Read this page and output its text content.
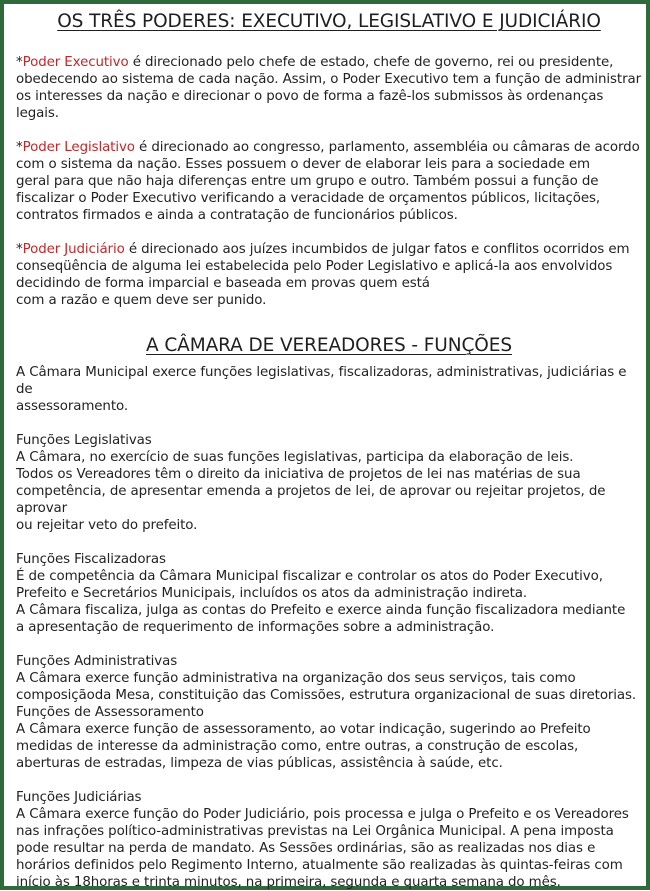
OS TRÊS PODERES: EXECUTIVO, LEGISLATIVO E JUDICIÁRIO

*Poder Executivo é direcionado pelo chefe de estado, chefe de governo, rei ou presidente,

obedecendo ao sistema de cada nação. Assim, o Poder Executivo tem a função de administrar

os interesses da nação e direcionar o povo de forma a fazê-los submissos às ordenanças legais.

*Poder Legislativo é direcionado ao congresso, parlamento, assembléia ou câmaras de acordo

com o sistema da nação. Esses possuem o dever de elaborar leis para a sociedade em

geral para que não haja diferenças entre um grupo e outro. Também possui a função de

fiscalizar o Poder Executivo verificando a veracidade de orçamentos públicos, licitações,

contratos firmados e ainda a contratação de funcionários públicos.

*Poder Judiciário é direcionado aos juízes incumbidos de julgar fatos e conflitos ocorridos em

conseqüência de alguma lei estabelecida pelo Poder Legislativo e aplicá-la aos envolvidos

decidindo de forma imparcial e baseada em provas quem está

com a razão e quem deve ser punido.

A CÂMARA DE VEREADORES - FUNÇÕES

A Câmara Municipal exerce funções legislativas, fiscalizadoras, administrativas, judiciárias e de

assessoramento.

Funções Legislativas

A Câmara, no exercício de suas funções legislativas, participa da elaboração de leis.

Todos os Vereadores têm o direito da iniciativa de projetos de lei nas matérias de sua

competência, de apresentar emenda a projetos de lei, de aprovar ou rejeitar projetos, de

aprovar

ou rejeitar veto do prefeito.

Funções Fiscalizadoras

É de competência da Câmara Municipal fiscalizar e controlar os atos do Poder Executivo,

Prefeito e Secretários Municipais, incluídos os atos da administração indireta.

A Câmara fiscaliza, julga as contas do Prefeito e exerce ainda função fiscalizadora mediante

a apresentação de requerimento de informações sobre a administração.

Funções Administrativas

A Câmara exerce função administrativa na organização dos seus serviços, tais como

composiçãoda Mesa, constituição das Comissões, estrutura organizacional de suas diretorias.

Funções de Assessoramento

A Câmara exerce função de assessoramento, ao votar indicação, sugerindo ao Prefeito

medidas de interesse da administração como, entre outras, a construção de escolas,

aberturas de estradas, limpeza de vias públicas, assistência à saúde, etc.

Funções Judiciárias

A Câmara exerce função do Poder Judiciário, pois processa e julga o Prefeito e os Vereadores

nas infrações político-administrativas previstas na Lei Orgânica Municipal. A pena imposta

pode resultar na perda de mandato. As Sessões ordinárias, são as realizadas nos dias e

horários definidos pelo Regimento Interno, atualmente são realizadas às quintas-feiras com

início às 18horas e trinta minutos, na primeira, segunda e quarta semana do mês.
